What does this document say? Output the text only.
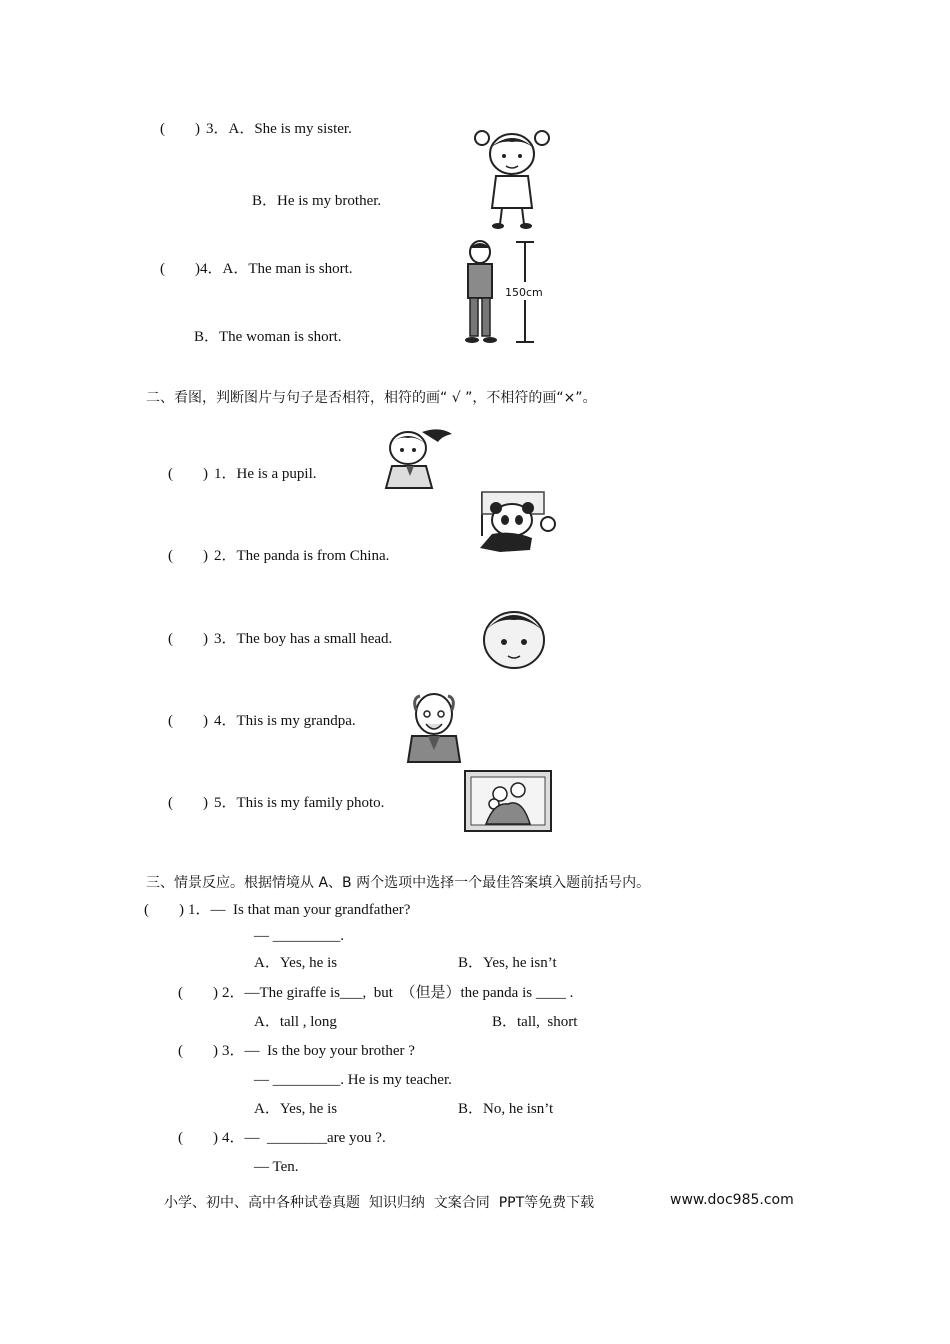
(        ) 3．A．She is my sister.
B．He is my brother.
(        ) 4．A．The man is short.
B．The woman is short.
150cm
二、看图，判断图片与句子是否相符，相符的画“ √ ”，不相符的画“×”。
(        ) 1．He is a pupil.
(        ) 2．The panda is from China.
(        ) 3．The boy has a small head.
(        ) 4．This is my grandpa.
(        ) 5．This is my family photo.
三、情景反应。根据情境从 A、B 两个选项中选择一个最佳答案填入题前括号内。
(        ) 1．—  Is that man your grandfather?
— _________.
A．Yes, he is	B．Yes, he isn’t
(        ) 2．—The giraffe is___,  but  （但是）the panda is ____ .
A．tall , long	B．tall,  short
(        ) 3．—  Is the boy your brother ?
— _________. He is my teacher.
A．Yes, he is	B．No, he isn’t
(        ) 4．—  ________are you ?.
— Ten.
小学、初中、高中各种试卷真题  知识归纳  文案合同  PPT等免费下载	www.doc985.com
